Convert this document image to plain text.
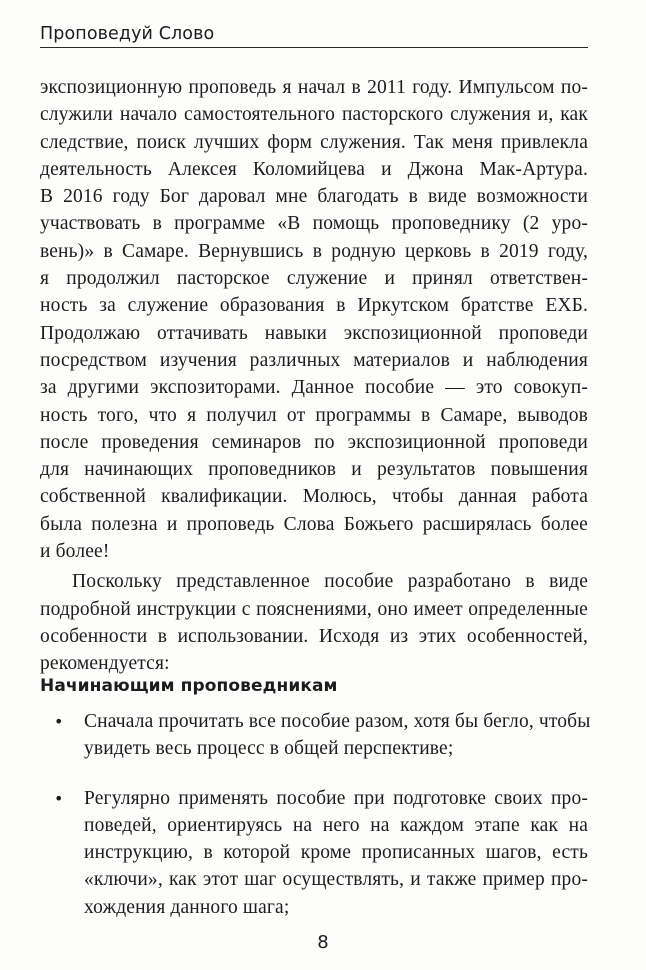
Проповедуй Слово
экспозиционную проповедь я начал в 2011 году. Импульсом по-
служили начало самостоятельного пасторского служения и, как
следствие, поиск лучших форм служения. Так меня привлекла
деятельность Алексея Коломийцева и Джона Мак-Артура.
В 2016 году Бог даровал мне благодать в виде возможности
участвовать в программе «В помощь проповеднику (2 уро-
вень)» в Самаре. Вернувшись в родную церковь в 2019 году,
я продолжил пасторское служение и принял ответствен-
ность за служение образования в Иркутском братстве ЕХБ.
Продолжаю оттачивать навыки экспозиционной проповеди
посредством изучения различных материалов и наблюдения
за другими экспозиторами. Данное пособие — это совокуп-
ность того, что я получил от программы в Самаре, выводов
после проведения семинаров по экспозиционной проповеди
для начинающих проповедников и результатов повышения
собственной квалификации. Молюсь, чтобы данная работа
была полезна и проповедь Слова Божьего расширялась более
и более!
Поскольку представленное пособие разработано в виде
подробной инструкции с пояснениями, оно имеет определенные
особенности в использовании. Исходя из этих особенностей,
рекомендуется:
Начинающим проповедникам
• Сначала прочитать все пособие разом, хотя бы бегло, чтобы
увидеть весь процесс в общей перспективе;
• Регулярно применять пособие при подготовке своих про-
поведей, ориентируясь на него на каждом этапе как на
инструкцию, в которой кроме прописанных шагов, есть
«ключи», как этот шаг осуществлять, и также пример про-
хождения данного шага;
8
